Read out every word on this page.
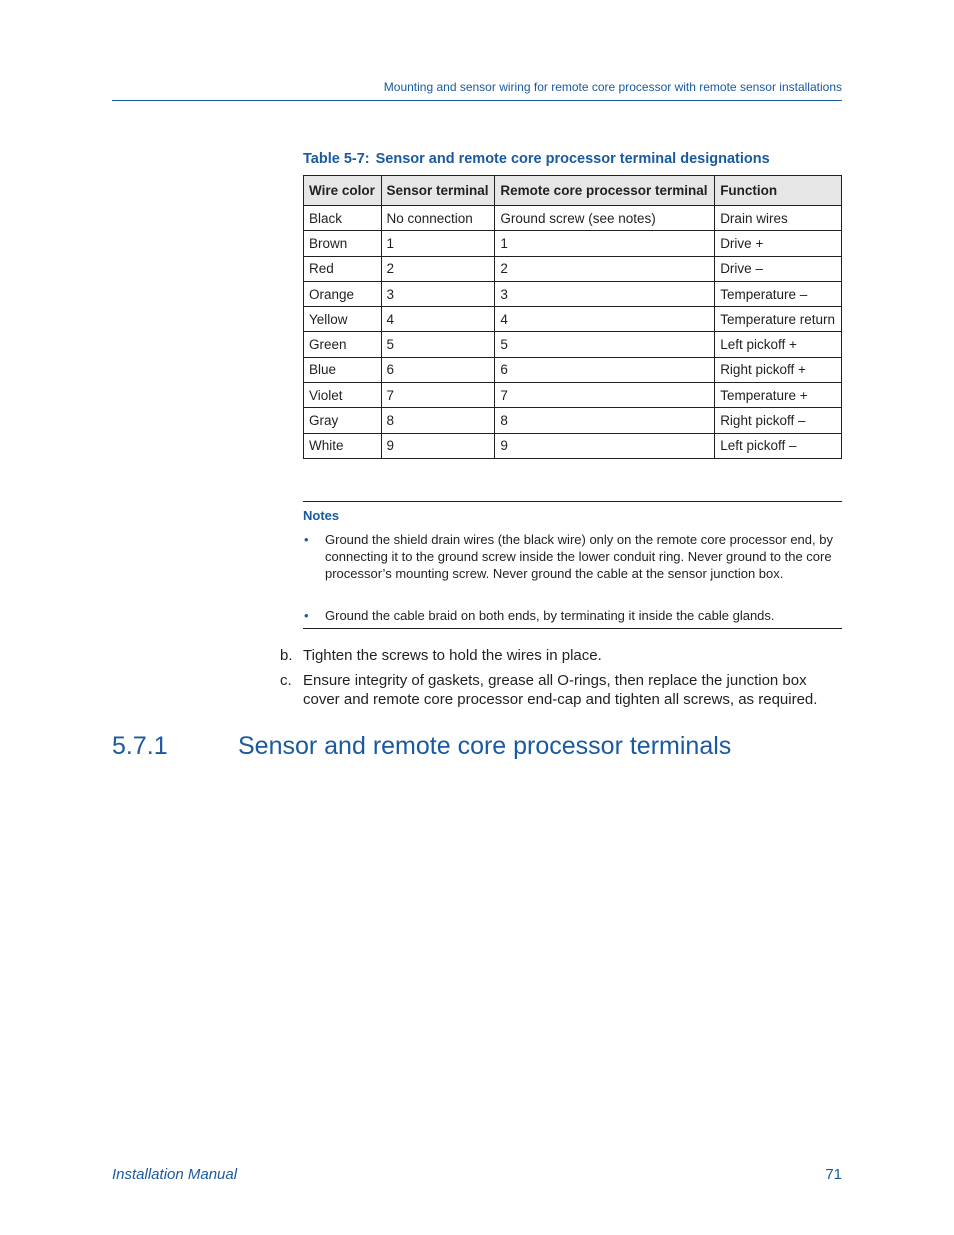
Mounting and sensor wiring for remote core processor with remote sensor installations
Table 5-7: Sensor and remote core processor terminal designations
Wire color	Sensor terminal	Remote core processor terminal	Function
Black	No connection	Ground screw (see notes)	Drain wires
Brown	1	1	Drive +
Red	2	2	Drive –
Orange	3	3	Temperature –
Yellow	4	4	Temperature return
Green	5	5	Left pickoff +
Blue	6	6	Right pickoff +
Violet	7	7	Temperature +
Gray	8	8	Right pickoff –
White	9	9	Left pickoff –
Notes
• Ground the shield drain wires (the black wire) only on the remote core processor end, by connecting it to the ground screw inside the lower conduit ring. Never ground to the core processor’s mounting screw. Never ground the cable at the sensor junction box.
• Ground the cable braid on both ends, by terminating it inside the cable glands.
b. Tighten the screws to hold the wires in place.
c. Ensure integrity of gaskets, grease all O-rings, then replace the junction box cover and remote core processor end-cap and tighten all screws, as required.
5.7.1	Sensor and remote core processor terminals
Installation Manual	71
